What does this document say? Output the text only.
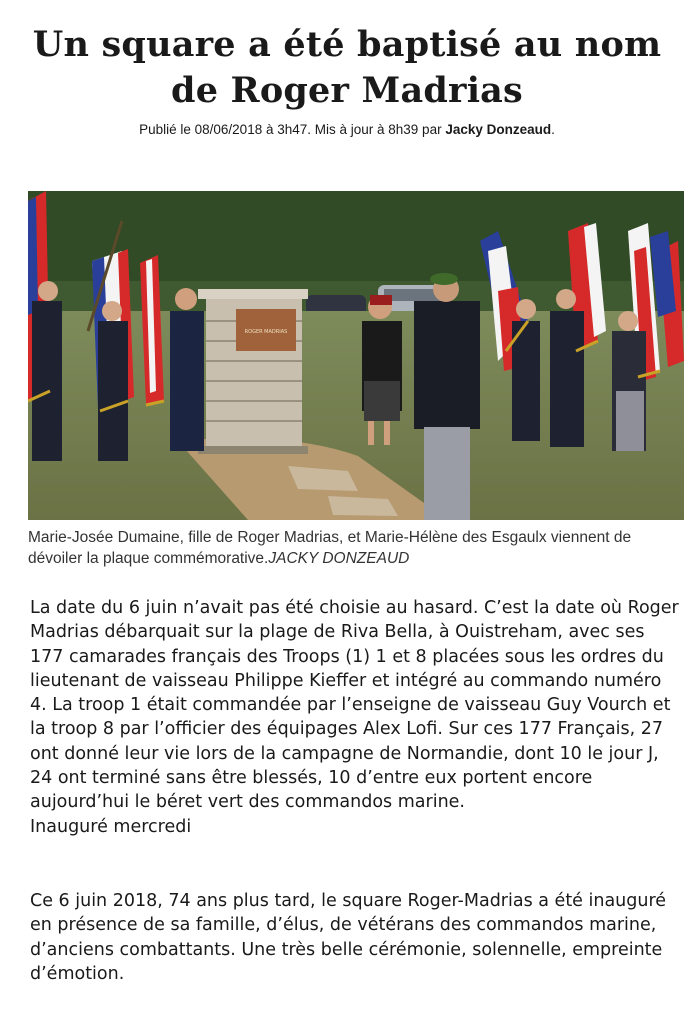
Un square a été baptisé au nom de Roger Madrias
Publié le 08/06/2018 à 3h47. Mis à jour à 8h39 par Jacky Donzeaud.
ROGER MADRIAS
Marie-Josée Dumaine, fille de Roger Madrias, et Marie-Hélène des Esgaulx viennent de dévoiler la plaque commémorative.JACKY DONZEAUD

La date du 6 juin n’avait pas été choisie au hasard. C’est la date où Roger Madrias débarquait sur la plage de Riva Bella, à Ouistreham, avec ses 177 camarades français des Troops (1) 1 et 8 placées sous les ordres du lieutenant de vaisseau Philippe Kieffer et intégré au commando numéro 4. La troop 1 était commandée par l’enseigne de vaisseau Guy Vourch et la troop 8 par l’officier des équipages Alex Lofi. Sur ces 177 Français, 27 ont donné leur vie lors de la campagne de Normandie, dont 10 le jour J, 24 ont terminé sans être blessés, 10 d’entre eux portent encore aujourd’hui le béret vert des commandos marine.
Inauguré mercredi

Ce 6 juin 2018, 74 ans plus tard, le square Roger-Madrias a été inauguré en présence de sa famille, d’élus, de vétérans des commandos marine, d’anciens combattants. Une très belle cérémonie, solennelle, empreinte d’émotion.
